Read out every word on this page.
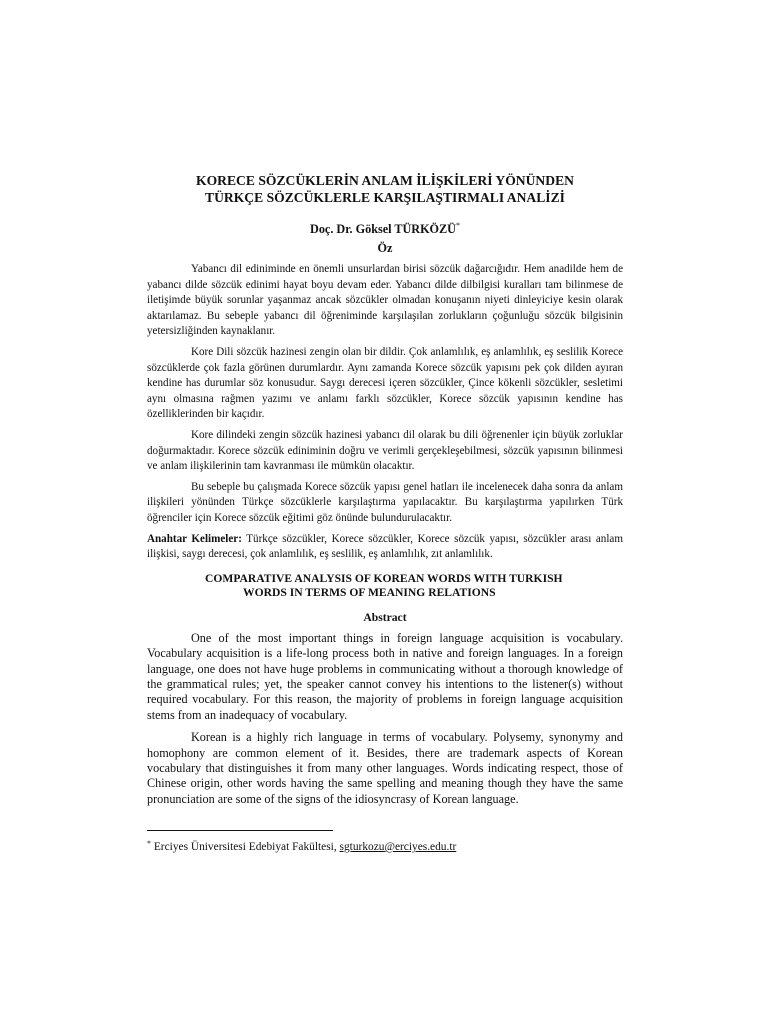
KORECE SÖZCÜKLERİN ANLAM İLİŞKİLERİ YÖNÜNDEN
TÜRKÇE SÖZCÜKLERLE KARŞILAŞTIRMALI ANALİZİ
Doç. Dr. Göksel TÜRKÖZÜ*
Öz

Yabancı dil ediniminde en önemli unsurlardan birisi sözcük dağarcığıdır. Hem anadilde hem de yabancı dilde sözcük edinimi hayat boyu devam eder. Yabancı dilde dilbilgisi kuralları tam bilinmese de iletişimde büyük sorunlar yaşanmaz ancak sözcükler olmadan konuşanın niyeti dinleyiciye kesin olarak aktarılamaz. Bu sebeple yabancı dil öğreniminde karşılaşılan zorlukların çoğunluğu sözcük bilgisinin yetersizliğinden kaynaklanır.

Kore Dili sözcük hazinesi zengin olan bir dildir. Çok anlamlılık, eş anlamlılık, eş seslilik Korece sözcüklerde çok fazla görünen durumlardır. Aynı zamanda Korece sözcük yapısını pek çok dilden ayıran kendine has durumlar söz konusudur. Saygı derecesi içeren sözcükler, Çince kökenli sözcükler, sesletimi aynı olmasına rağmen yazımı ve anlamı farklı sözcükler, Korece sözcük yapısının kendine has özelliklerinden bir kaçıdır.

Kore dilindeki zengin sözcük hazinesi yabancı dil olarak bu dili öğrenenler için büyük zorluklar doğurmaktadır. Korece sözcük ediniminin doğru ve verimli gerçekleşebilmesi, sözcük yapısının bilinmesi ve anlam ilişkilerinin tam kavranması ile mümkün olacaktır.

Bu sebeple bu çalışmada Korece sözcük yapısı genel hatları ile incelenecek daha sonra da anlam ilişkileri yönünden Türkçe sözcüklerle karşılaştırma yapılacaktır. Bu karşılaştırma yapılırken Türk öğrenciler için Korece sözcük eğitimi göz önünde bulundurulacaktır.

Anahtar Kelimeler: Türkçe sözcükler, Korece sözcükler, Korece sözcük yapısı, sözcükler arası anlam ilişkisi, saygı derecesi, çok anlamlılık, eş seslilik, eş anlamlılık, zıt anlamlılık.

COMPARATIVE ANALYSIS OF KOREAN WORDS WITH TURKISH
WORDS IN TERMS OF MEANING RELATIONS
Abstract

One of the most important things in foreign language acquisition is vocabulary. Vocabulary acquisition is a life-long process both in native and foreign languages. In a foreign language, one does not have huge problems in communicating without a thorough knowledge of the grammatical rules; yet, the speaker cannot convey his intentions to the listener(s) without required vocabulary. For this reason, the majority of problems in foreign language acquisition stems from an inadequacy of vocabulary.

Korean is a highly rich language in terms of vocabulary. Polysemy, synonymy and homophony are common element of it. Besides, there are trademark aspects of Korean vocabulary that distinguishes it from many other languages. Words indicating respect, those of Chinese origin, other words having the same spelling and meaning though they have the same pronunciation are some of the signs of the idiosyncrasy of Korean language.

* Erciyes Üniversitesi Edebiyat Fakültesi, sgturkozu@erciyes.edu.tr
